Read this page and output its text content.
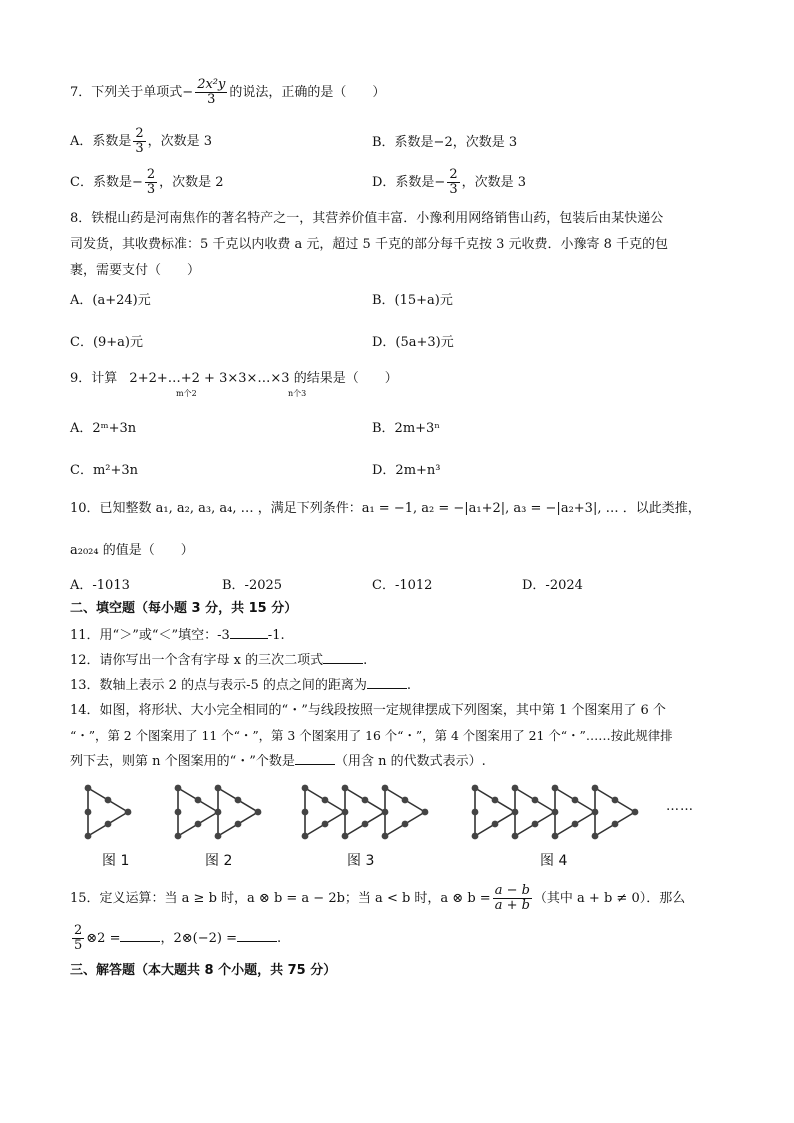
7．下列关于单项式− $\frac{\text{2x²y}}{3}$ 的说法，正确的是（　　）
A．系数是 $\frac{2}{3}$ ，次数是 3	B．系数是−2，次数是 3
C．系数是− $\frac{2}{3}$ ，次数是 2	D．系数是− $\frac{2}{3}$ ，次数是 3
8．铁棍山药是河南焦作的著名特产之一，其营养价值丰富．小豫利用网络销售山药，包装后由某快递公
司发货，其收费标准：5 千克以内收费 a 元，超过 5 千克的部分每千克按 3 元收费．小豫寄 8 千克的包
裹，需要支付（　　）
A．(a+24)元	B．(15+a)元
C．(9+a)元	D．(5a+3)元
9．计算 2+2+…+2 + 3×3×…×3 的结果是（　　）
m个2	n个3
A．2ᵐ+3n	B．2m+3ⁿ
C．m²+3n	D．2m+n³
10．已知整数 a₁, a₂, a₃, a₄, … ，满足下列条件：a₁ = −1, a₂ = −|a₁+2|, a₃ = −|a₂+3|, … ．以此类推，
a₂₀₂₄ 的值是（　　）
A．-1013	B．-2025	C．-1012	D．-2024
二、填空题（每小题 3 分，共 15 分）
11．用“＞”或“＜”填空：-3	-1.
12．请你写出一个含有字母 x 的三次二项式	.
13．数轴上表示 2 的点与表示-5 的点之间的距离为	.
14．如图，将形状、大小完全相同的“・”与线段按照一定规律摆成下列图案，其中第 1 个图案用了 6 个
“・”，第 2 个图案用了 11 个“・”，第 3 个图案用了 16 个“・”，第 4 个图案用了 21 个“・”……按此规律排
列下去，则第 n 个图案用的“・”个数是	（用含 n 的代数式表示）.
……
图 1	图 2	图 3	图 4
15．定义运算：当 a ≥ b 时，a ⊗ b = a − 2b；当 a < b 时，a ⊗ $b = \frac{a - b}{a + b}$ （其中 a + b ≠ 0）．那么
$\frac{2}{5}$ ⊗2 =	，2⊗(−2) =	.
三、解答题（本大题共 8 个小题，共 75 分）
